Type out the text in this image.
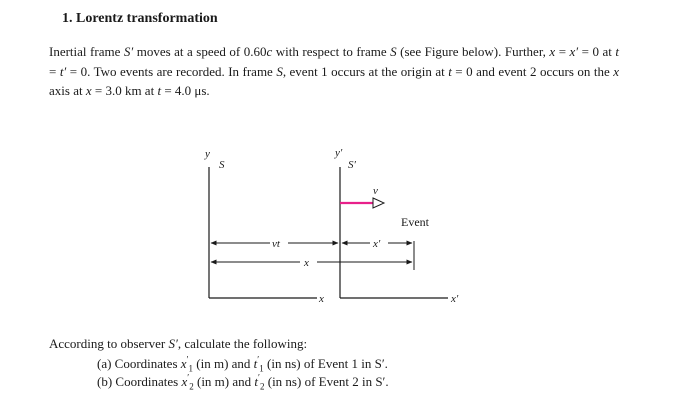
1. Lorentz transformation
Inertial frame S′ moves at a speed of 0.60c with respect to frame S (see Figure below). Further, x = x′ = 0 at t = t′ = 0. Two events are recorded. In frame S, event 1 occurs at the origin at t = 0 and event 2 occurs on the x axis at x = 3.0 km at t = 4.0 μs.
y
S
x
y′
S′
x′
v⃗
Event
vt	x′
x
According to observer S′, calculate the following:
(a) Coordinates $x'_1$ (in m) and $t'_1$ (in ns) of Event 1 in S′.
(b) Coordinates $x'_2$ (in m) and $t'_2$ (in ns) of Event 2 in S′.
